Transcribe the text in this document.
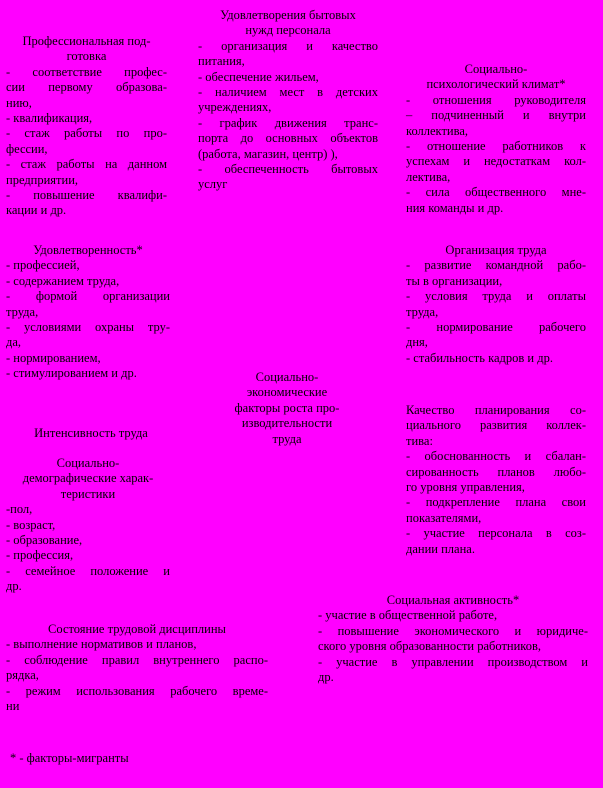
Профессиональная под-
готовка
- соответствие профес-
сии первому образова-
нию,
- квалификация,
- стаж работы по про-
фессии,
- стаж работы на данном
предприятии,
- повышение квалифи-
кации и др.
Удовлетворения бытовых
нужд персонала
- организация и качество
питания,
- обеспечение жильем,
- наличием мест в детских
учреждениях,
- график движения транс-
порта до основных объектов
(работа, магазин, центр) ),
- обеспеченность бытовых
услуг
Социально-
психологический климат*
- отношения руководителя
– подчиненный и внутри
коллектива,
- отношение работников к
успехам и недостаткам кол-
лектива,
- сила общественного мне-
ния команды и др.
Удовлетворенность*
- профессией,
- содержанием труда,
- формой организации
труда,
- условиями охраны тру-
да,
- нормированием,
- стимулированием и др.
Организация труда
- развитие командной рабо-
ты в организации,
- условия труда и оплаты
труда,
- нормирование рабочего
дня,
- стабильность кадров и др.
Социально-
экономические
факторы роста про-
изводительности
труда
Качество планирования со-
циального развития коллек-
тива:
- обоснованность и сбалан-
сированность планов любо-
го уровня управления,
- подкрепление плана свои
показателями,
- участие персонала в соз-
дании плана.
Интенсивность труда
Социально-
демографические харак-
теристики
-пол,
- возраст,
- образование,
- профессия,
- семейное положение и
др.
Социальная активность*
- участие в общественной работе,
- повышение экономического и юридиче-
ского уровня образованности работников,
- участие в управлении производством и
др.
Состояние трудовой дисциплины
- выполнение нормативов и планов,
- соблюдение правил внутреннего распо-
рядка,
- режим использования рабочего време-
ни
* - факторы-мигранты
